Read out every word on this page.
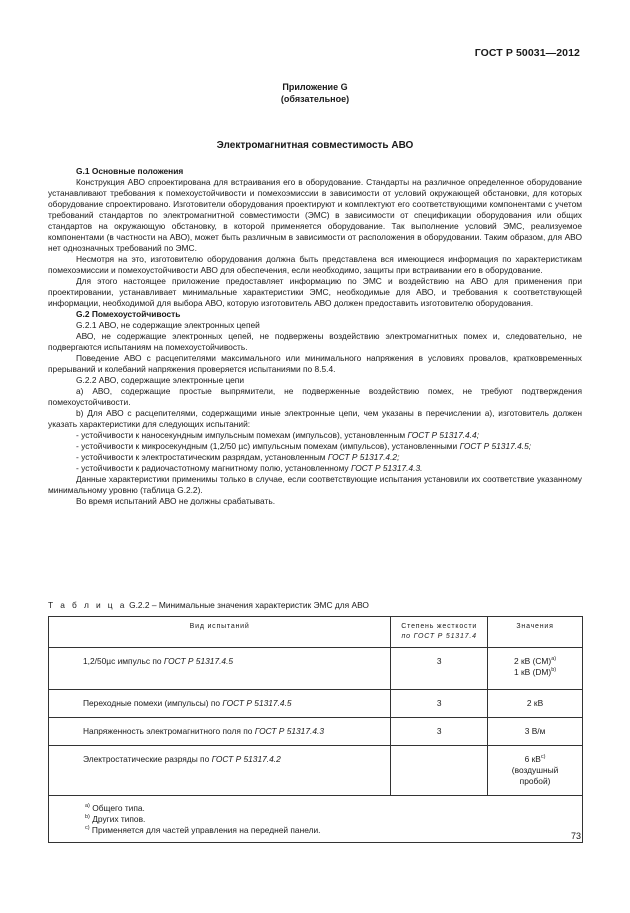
ГОСТ Р 50031—2012
Приложение G
(обязательное)
Электромагнитная совместимость АВО

G.1 Основные положения

Конструкция АВО спроектирована для встраивания его в оборудование. Стандарты на различное определенное оборудование устанавливают требования к помехоустойчивости и помехоэмиссии в зависимости от условий окружающей обстановки, для которых оборудование спроектировано. Изготовители оборудования проектируют и комплектуют его соответствующими компонентами с учетом требований стандартов по электромагнитной совместимости (ЭМС) в зависимости от спецификации оборудования или общих стандартов на окружающую обстановку, в которой применяется оборудование. Так выполнение условий ЭМС, реализуемое компонентами (в частности на АВО), может быть различным в зависимости от расположения в оборудовании. Таким образом, для АВО нет однозначных требований по ЭМС.

Несмотря на это, изготовителю оборудования должна быть представлена вся имеющиеся информация по характеристикам помехоэмиссии и помехоустойчивости АВО для обеспечения, если необходимо, защиты при встраивании его в оборудование.

Для этого настоящее приложение предоставляет информацию по ЭМС и воздействию на АВО для применения при проектировании, устанавливает минимальные характеристики ЭМС, необходимые для АВО, и требования к соответствующей информации, необходимой для выбора АВО, которую изготовитель АВО должен предоставить изготовителю оборудования.

G.2 Помехоустойчивость

G.2.1 АВО, не содержащие электронных цепей

АВО, не содержащие электронных цепей, не подвержены воздействию электромагнитных помех и, следовательно, не подвергаются испытаниям на помехоустойчивость.

Поведение АВО с расцепителями максимального или минимального напряжения в условиях провалов, кратковременных прерываний и колебаний напряжения проверяется испытаниями по 8.5.4.

G.2.2 АВО, содержащие электронные цепи

a) АВО, содержащие простые выпрямители, не подверженные воздействию помех, не требуют подтверждения помехоустойчивости.

b) Для АВО с расцепителями, содержащими иные электронные цепи, чем указаны в перечислении а), изготовитель должен указать характеристики для следующих испытаний:

- устойчивости к наносекундным импульсным помехам (импульсов), установленным ГОСТ Р 51317.4.4;

- устойчивости к микросекундным (1,2/50 µс) импульсным помехам (импульсов), установленными ГОСТ Р 51317.4.5;

- устойчивости к электростатическим разрядам, установленным ГОСТ Р 51317.4.2;

- устойчивости к радиочастотному магнитному полю, установленному ГОСТ Р 51317.4.3.

Данные характеристики применимы только в случае, если соответствующие испытания установили их соответствие указанному минимальному уровню (таблица G.2.2).

Во время испытаний АВО не должны срабатывать.

Т а б л и ц а G.2.2 – Минимальные значения характеристик ЭМС для АВО
Вид испытаний	Степень жесткости
по ГОСТ Р 51317.4	Значения
1,2/50µс импульс по ГОСТ Р 51317.4.5	3	2 кВ (CM)$^{a)}$
1 кВ (DM)$^{b)}$

Переходные помехи (импульсы) по ГОСТ Р 51317.4.5	3	2 кВ
Напряженность электромагнитного поля по ГОСТ Р 51317.4.3	3	3 В/м
Электростатические разряды по ГОСТ Р 51317.4.2		6 $кВ^{c)}$
(воздушный
пробой)

$^{a)}$ Общего типа.
$^{b)}$ Других типов.
$^{c)}$ Применяется для частей управления на передней панели.		
73
